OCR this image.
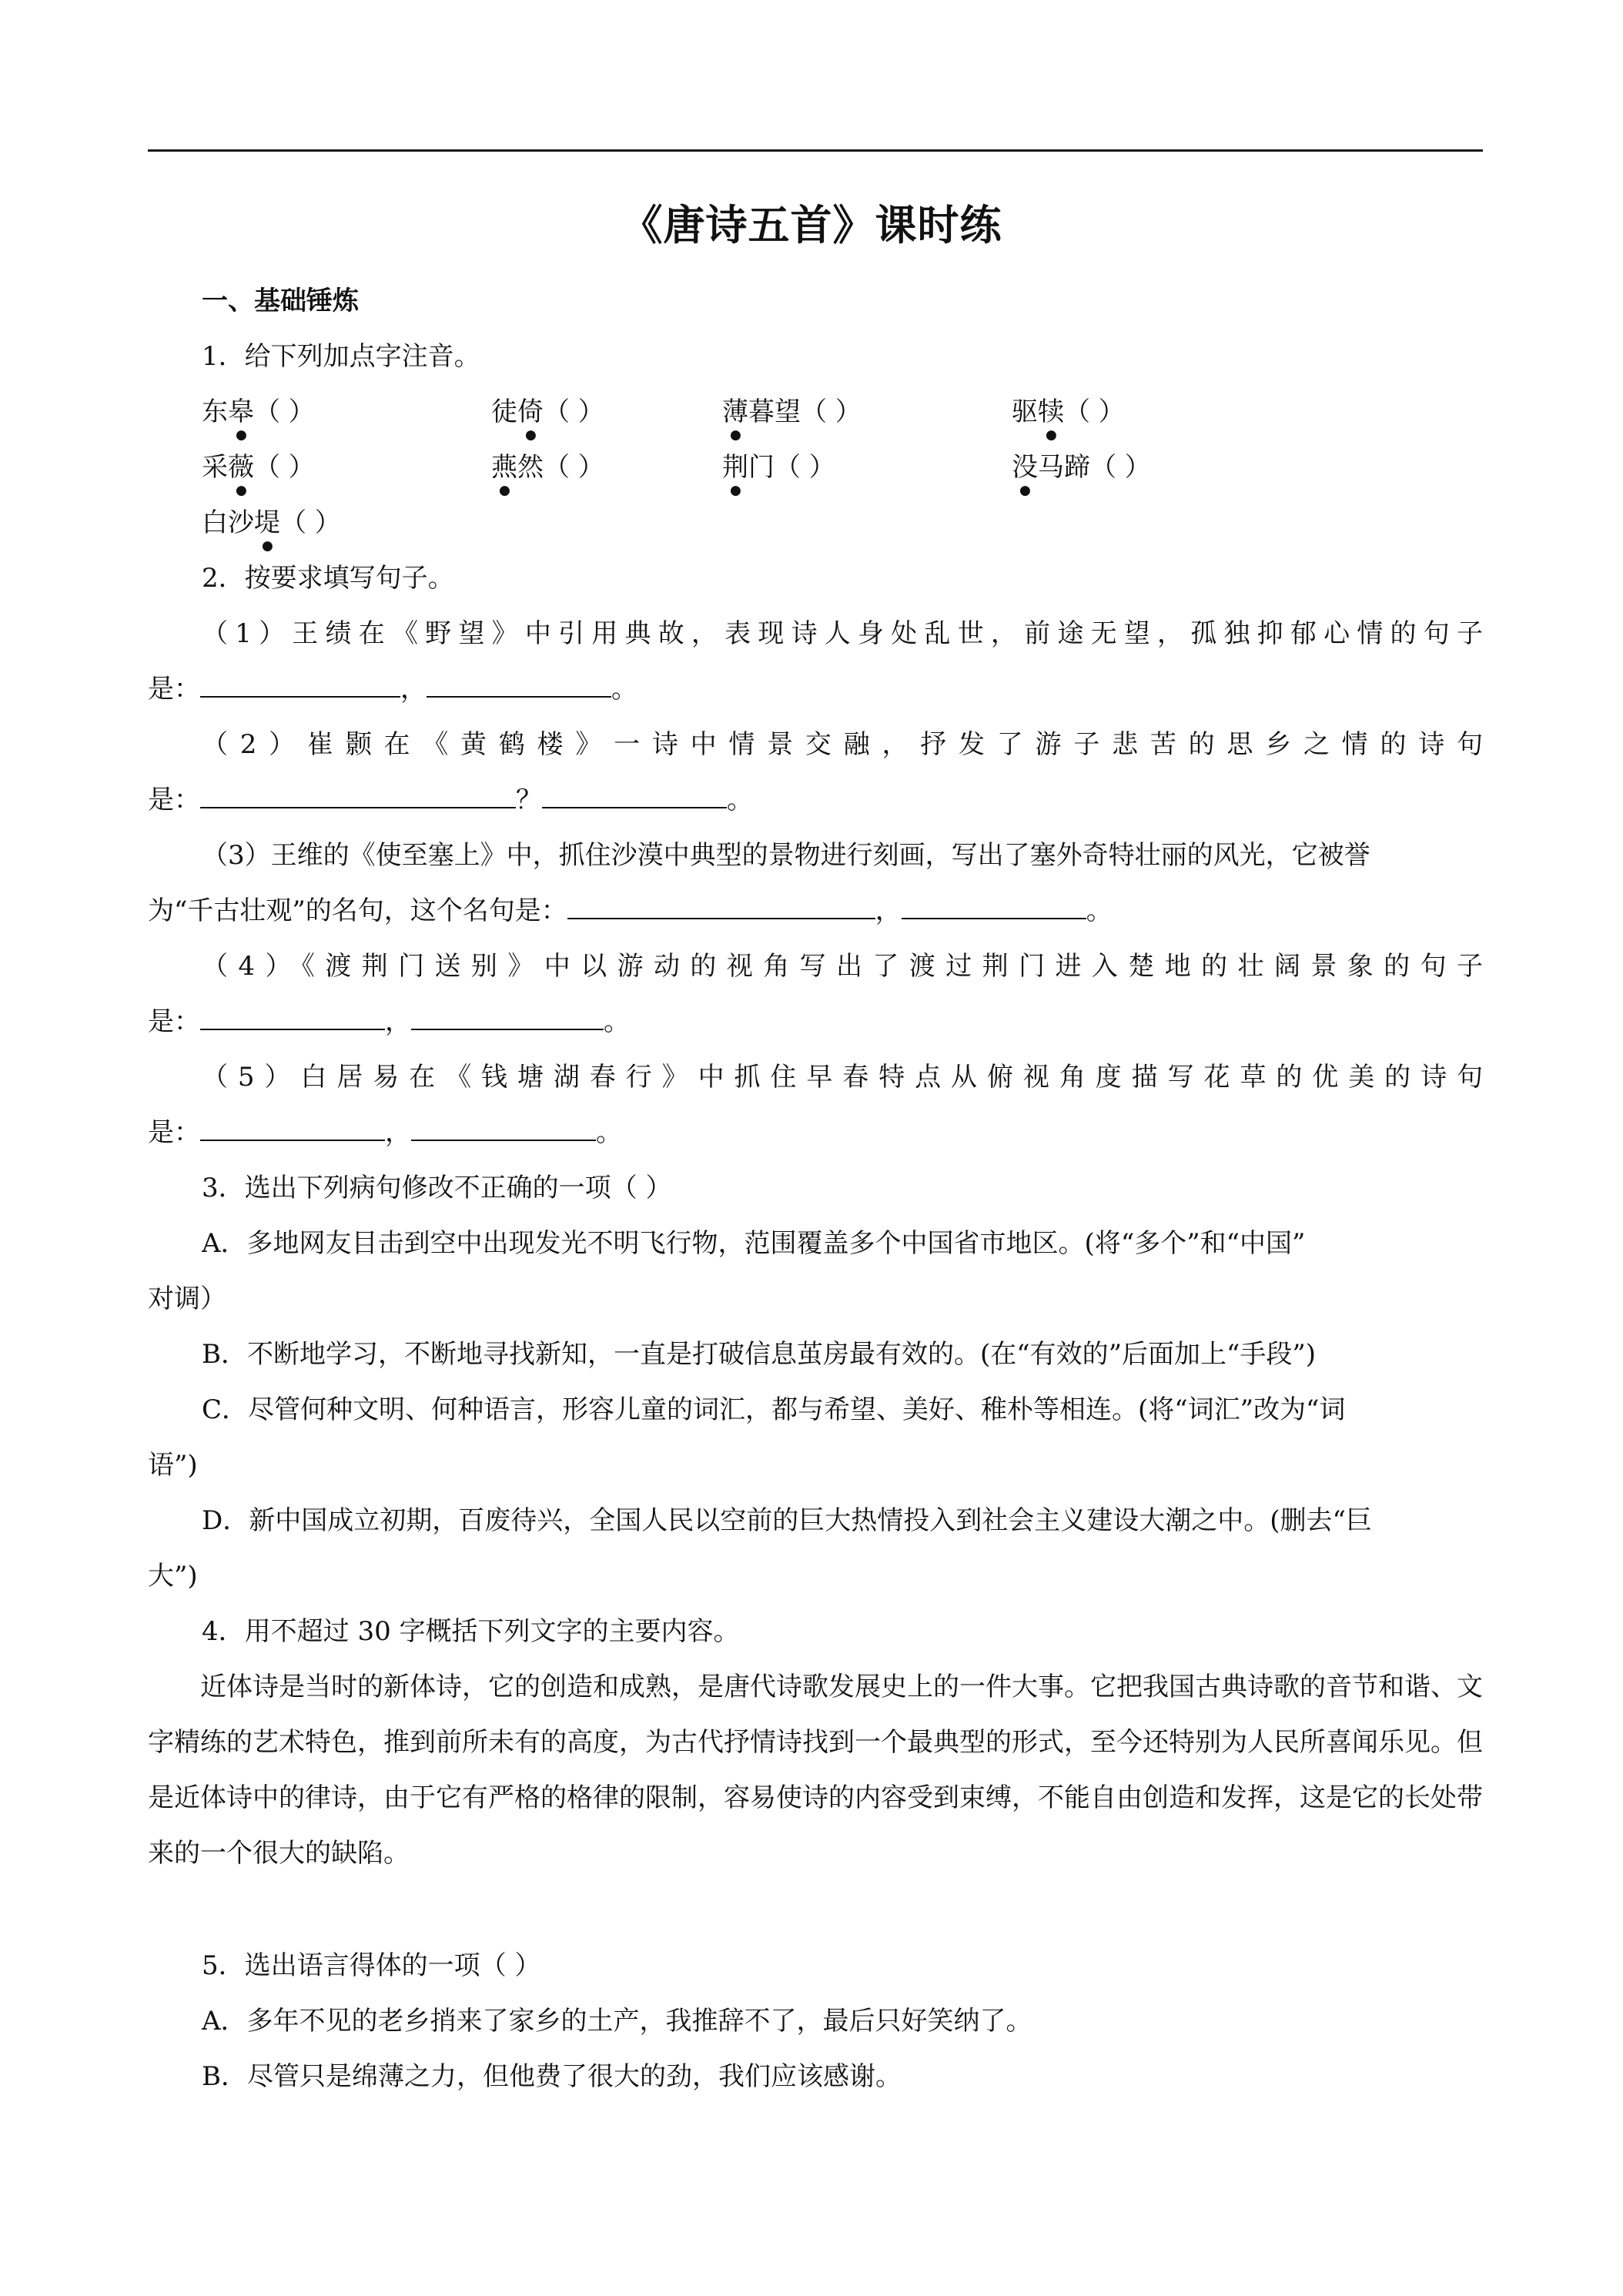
《唐诗五首》课时练
一、基础锤炼
1．给下列加点字注音。
东皋（ ）	徒倚（ ）	薄暮望（ ）	驱犊（ ）
采薇（ ）	燕然（ ）	荆门（ ）	没马蹄（ ）
白沙堤（ ）
2．按要求填写句子。
（1）王绩在《野望》中引用典故，表现诗人身处乱世，前途无望，孤独抑郁心情的句子
是：	，	。
（2）崔颢在《黄鹤楼》一诗中情景交融，抒发了游子悲苦的思乡之情的诗句
是：	？	。
（3）王维的《使至塞上》中，抓住沙漠中典型的景物进行刻画，写出了塞外奇特壮丽的风光，它被誉
为“千古壮观”的名句，这个名句是：	，	。
（4）《渡荆门送别》中以游动的视角写出了渡过荆门进入楚地的壮阔景象的句子
是：	，	。
（5）白居易在《钱塘湖春行》中抓住早春特点从俯视角度描写花草的优美的诗句
是：	，	。
3．选出下列病句修改不正确的一项（ ）
A．多地网友目击到空中出现发光不明飞行物，范围覆盖多个中国省市地区。(将“多个”和“中国”
对调）
B．不断地学习，不断地寻找新知，一直是打破信息茧房最有效的。(在“有效的”后面加上“手段”)
C．尽管何种文明、何种语言，形容儿童的词汇，都与希望、美好、稚朴等相连。(将“词汇”改为“词
语”)
D．新中国成立初期，百废待兴，全国人民以空前的巨大热情投入到社会主义建设大潮之中。(删去“巨
大”)
4．用不超过 30 字概括下列文字的主要内容。
近体诗是当时的新体诗，它的创造和成熟，是唐代诗歌发展史上的一件大事。它把我国古典诗歌的音节和谐、文字精练的艺术特色，推到前所未有的高度，为古代抒情诗找到一个最典型的形式，至今还特别为人民所喜闻乐见。但是近体诗中的律诗，由于它有严格的格律的限制，容易使诗的内容受到束缚，不能自由创造和发挥，这是它的长处带来的一个很大的缺陷。
5．选出语言得体的一项（ ）
A．多年不见的老乡捎来了家乡的土产，我推辞不了，最后只好笑纳了。
B．尽管只是绵薄之力，但他费了很大的劲，我们应该感谢。
